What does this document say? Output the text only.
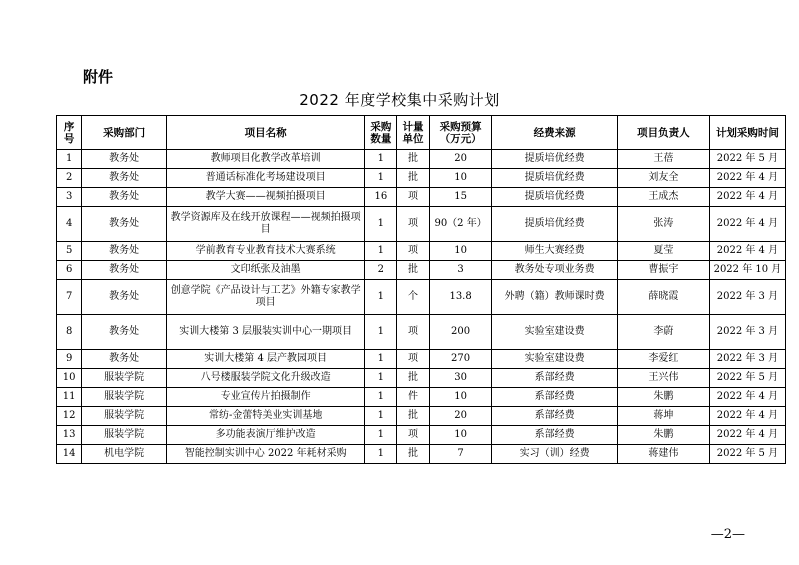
附件
2022 年度学校集中采购计划
序号	采购部门	项目名称	采购数量	计量单位	采购预算（万元）	经费来源	项目负责人	计划采购时间
1	教务处	教师项目化教学改革培训	1	批	20	提质培优经费	王蓓	2022 年 5 月
2	教务处	普通话标准化考场建设项目	1	批	10	提质培优经费	刘友全	2022 年 4 月
3	教务处	教学大赛——视频拍摄项目	16	项	15	提质培优经费	王成杰	2022 年 4 月
4	教务处	教学资源库及在线开放课程——视频拍摄项目	1	项	90（2 年）	提质培优经费	张涛	2022 年 4 月
5	教务处	学前教育专业教育技术大赛系统	1	项	10	师生大赛经费	夏莹	2022 年 4 月
6	教务处	文印纸张及油墨	2	批	3	教务处专项业务费	曹振宇	2022 年 10 月
7	教务处	创意学院《产品设计与工艺》外籍专家教学项目	1	个	13.8	外聘（籍）教师课时费	薛晓霞	2022 年 3 月
8	教务处	实训大楼第 3 层服装实训中心一期项目	1	项	200	实验室建设费	李蔚	2022 年 3 月
9	教务处	实训大楼第 4 层产教园项目	1	项	270	实验室建设费	李爱红	2022 年 3 月
10	服装学院	八号楼服装学院文化升级改造	1	批	30	系部经费	王兴伟	2022 年 5 月
11	服装学院	专业宣传片拍摄制作	1	件	10	系部经费	朱鹏	2022 年 4 月
12	服装学院	常纺-金蕾特美业实训基地	1	批	20	系部经费	蒋坤	2022 年 4 月
13	服装学院	多功能表演厅维护改造	1	项	10	系部经费	朱鹏	2022 年 4 月
14	机电学院	智能控制实训中心 2022 年耗材采购	1	批	7	实习（训）经费	蒋建伟	2022 年 5 月
—2—
